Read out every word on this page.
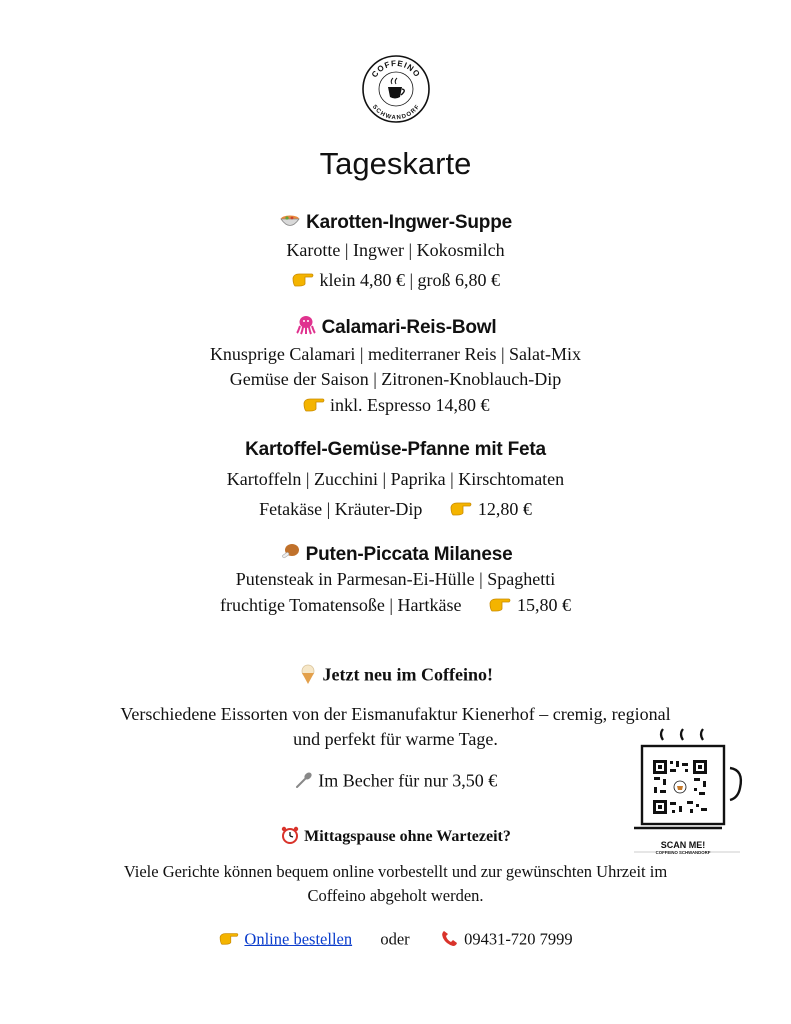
COFFEINO
SCHWANDORF
Tageskarte
Karotten-Ingwer-Suppe
Karotte | Ingwer | Kokosmilch
klein 4,80 € | groß 6,80 €
Calamari-Reis-Bowl
Knusprige Calamari | mediterraner Reis | Salat-Mix
Gemüse der Saison | Zitronen-Knoblauch-Dip
inkl. Espresso 14,80 €
Kartoffel-Gemüse-Pfanne mit Feta
Kartoffeln | Zucchini | Paprika | Kirschtomaten
Fetakäse | Kräuter-Dip	12,80 €
Puten-Piccata Milanese
Putensteak in Parmesan-Ei-Hülle | Spaghetti
fruchtige Tomatensoße | Hartkäse	15,80 €
Jetzt neu im Coffeino!
Verschiedene Eissorten von der Eismanufaktur Kienerhof – cremig, regional
und perfekt für warme Tage.
Im Becher für nur 3,50 €
SCAN ME!
COFFEINO SCHWANDORF
Mittagspause ohne Wartezeit?
Viele Gerichte können bequem online vorbestellt und zur gewünschten Uhrzeit im
Coffeino abgeholt werden.
Online bestellen oder	09431-720 7999
